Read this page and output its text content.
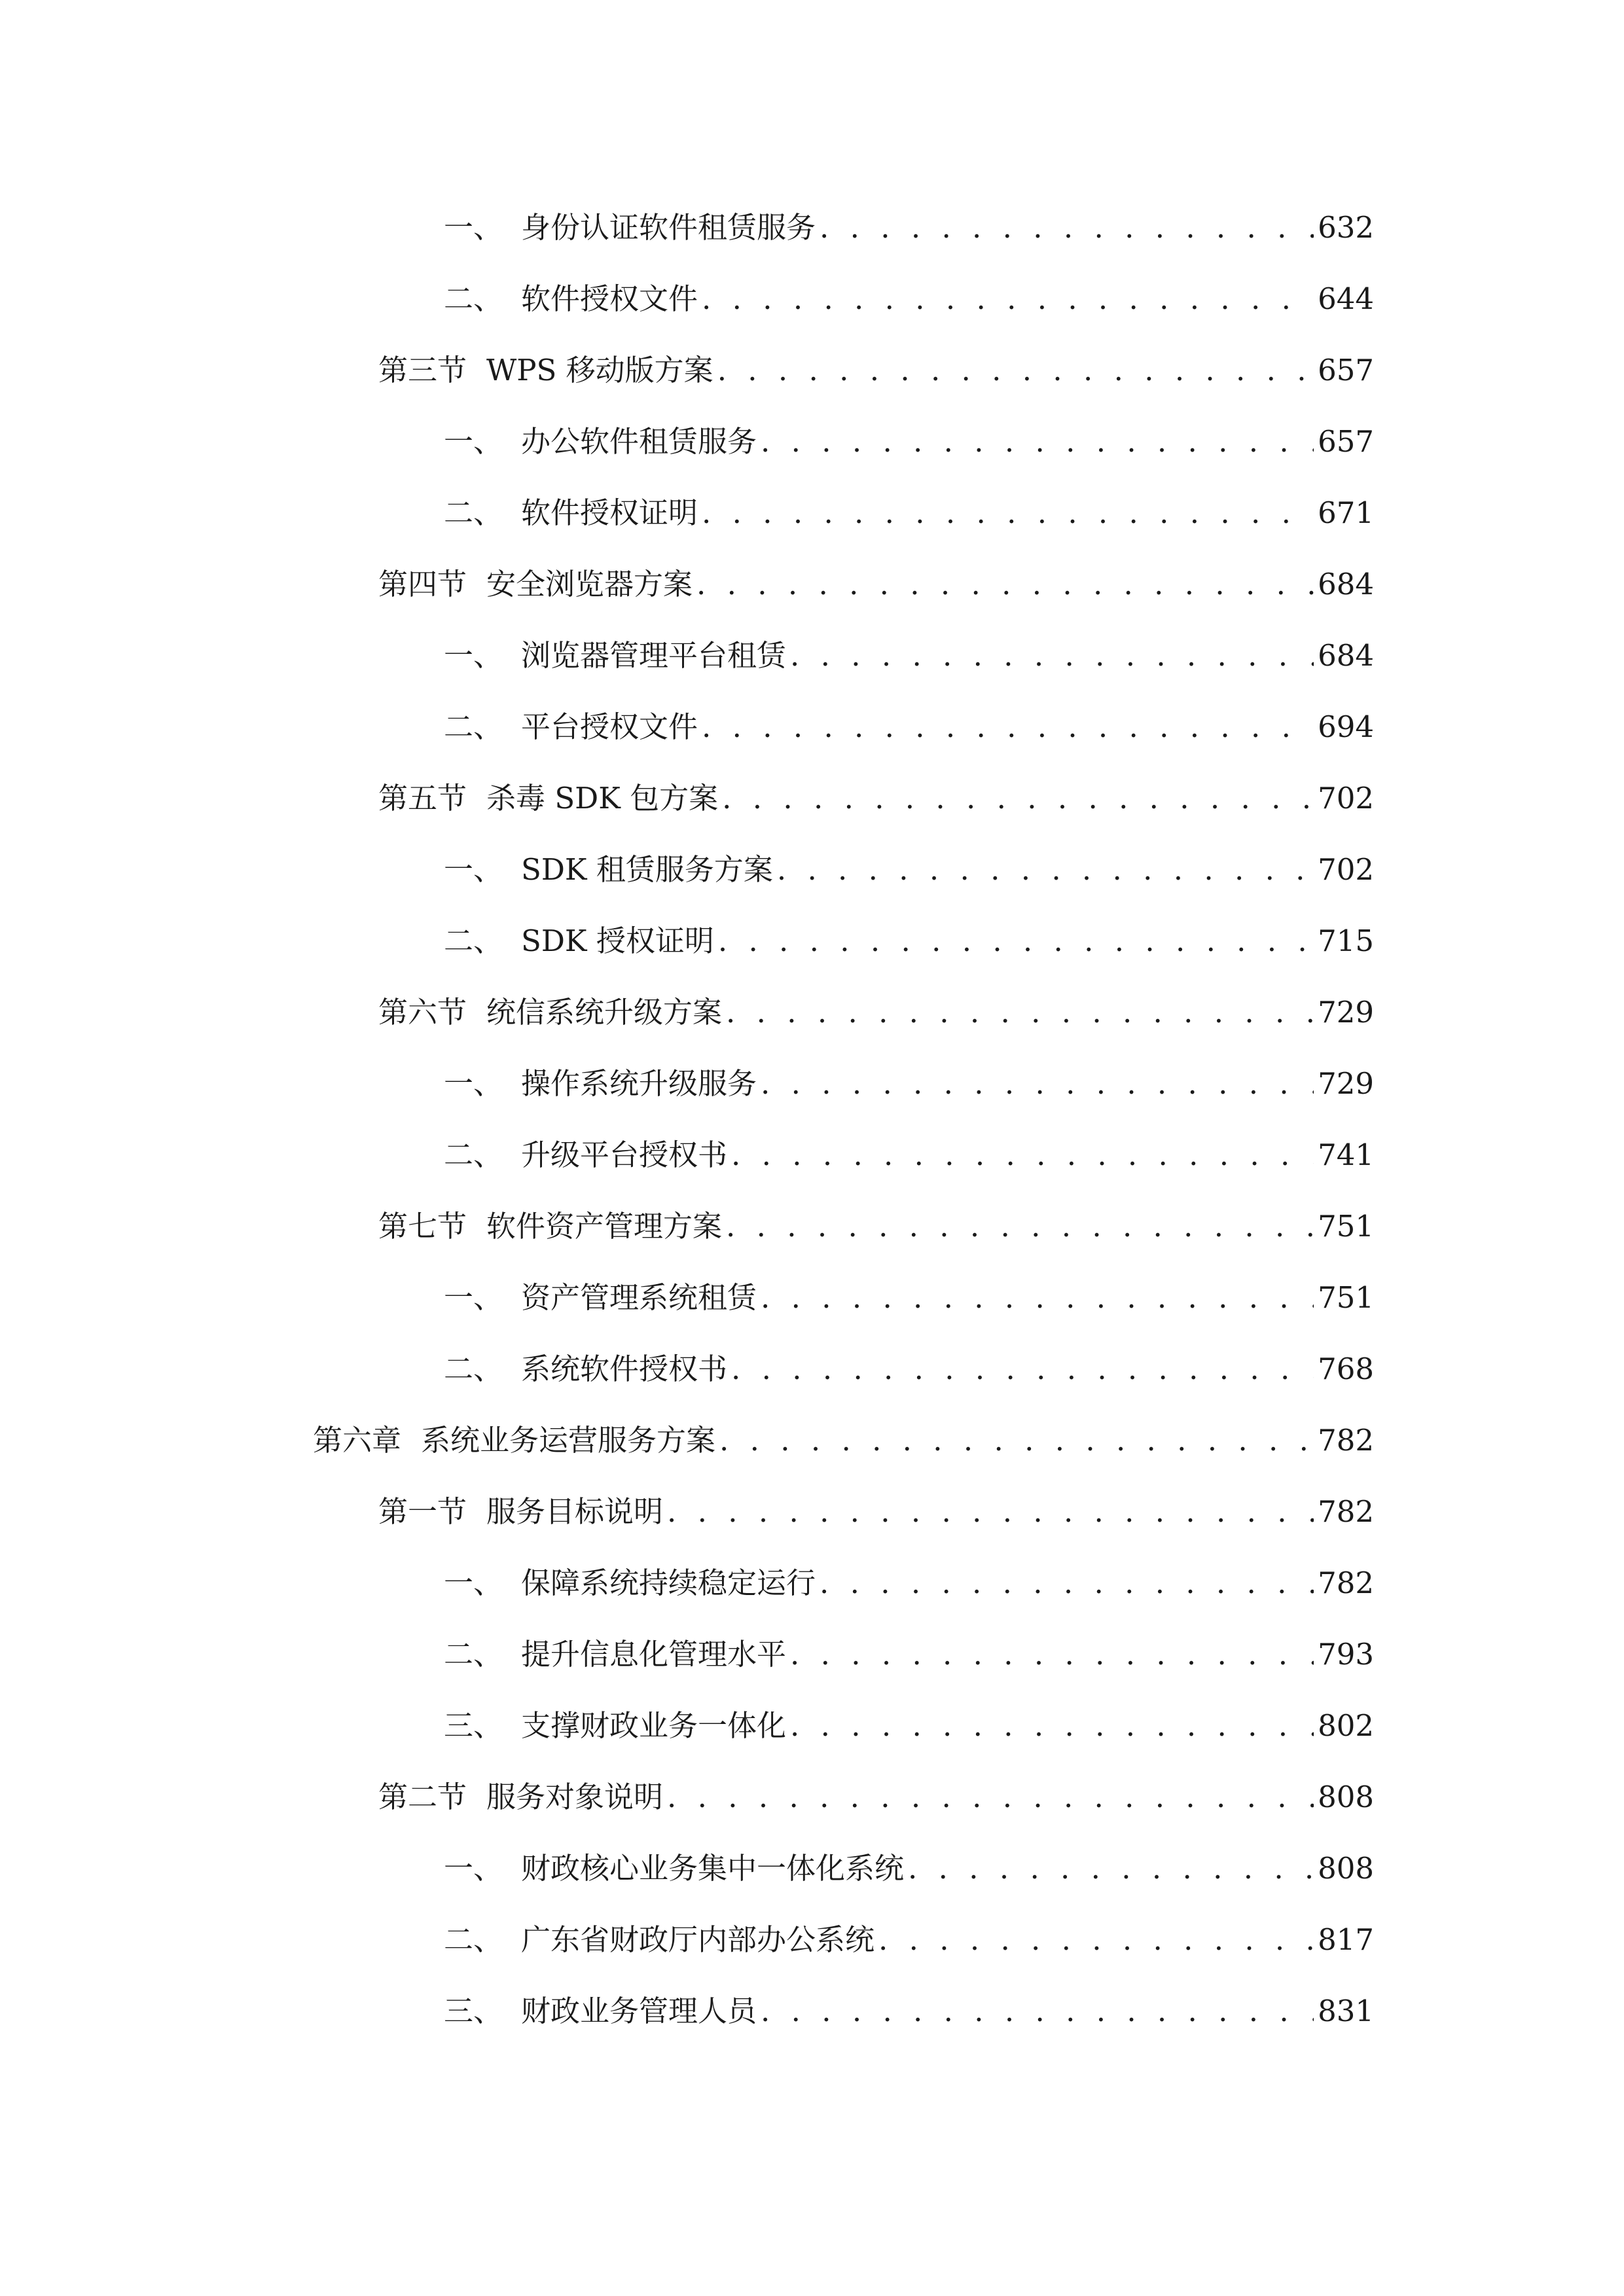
一、 身份认证软件租赁服务 . . .	632
二、 软件授权文件 . . .	644
第三节 WPS 移动版方案 . . .	657
一、 办公软件租赁服务 . . .	657
二、 软件授权证明 . . .	671
第四节 安全浏览器方案 . . .	684
一、 浏览器管理平台租赁 . . .	684
二、 平台授权文件 . . .	694
第五节 杀毒 SDK 包方案 . . .	702
一、 SDK 租赁服务方案 . . .	702
二、 SDK 授权证明 . . .	715
第六节 统信系统升级方案 . . .	729
一、 操作系统升级服务 . . .	729
二、 升级平台授权书 . . .	741
第七节 软件资产管理方案 . . .	751
一、 资产管理系统租赁 . . .	751
二、 系统软件授权书 . . .	768
第六章 系统业务运营服务方案 . . .	782
第一节 服务目标说明 . . .	782
一、 保障系统持续稳定运行 . . .	782
二、 提升信息化管理水平 . . .	793
三、 支撑财政业务一体化 . . .	802
第二节 服务对象说明 . . .	808
一、 财政核心业务集中一体化系统 . . .	808
二、 广东省财政厅内部办公系统 . . .	817
三、 财政业务管理人员 . . .	831
